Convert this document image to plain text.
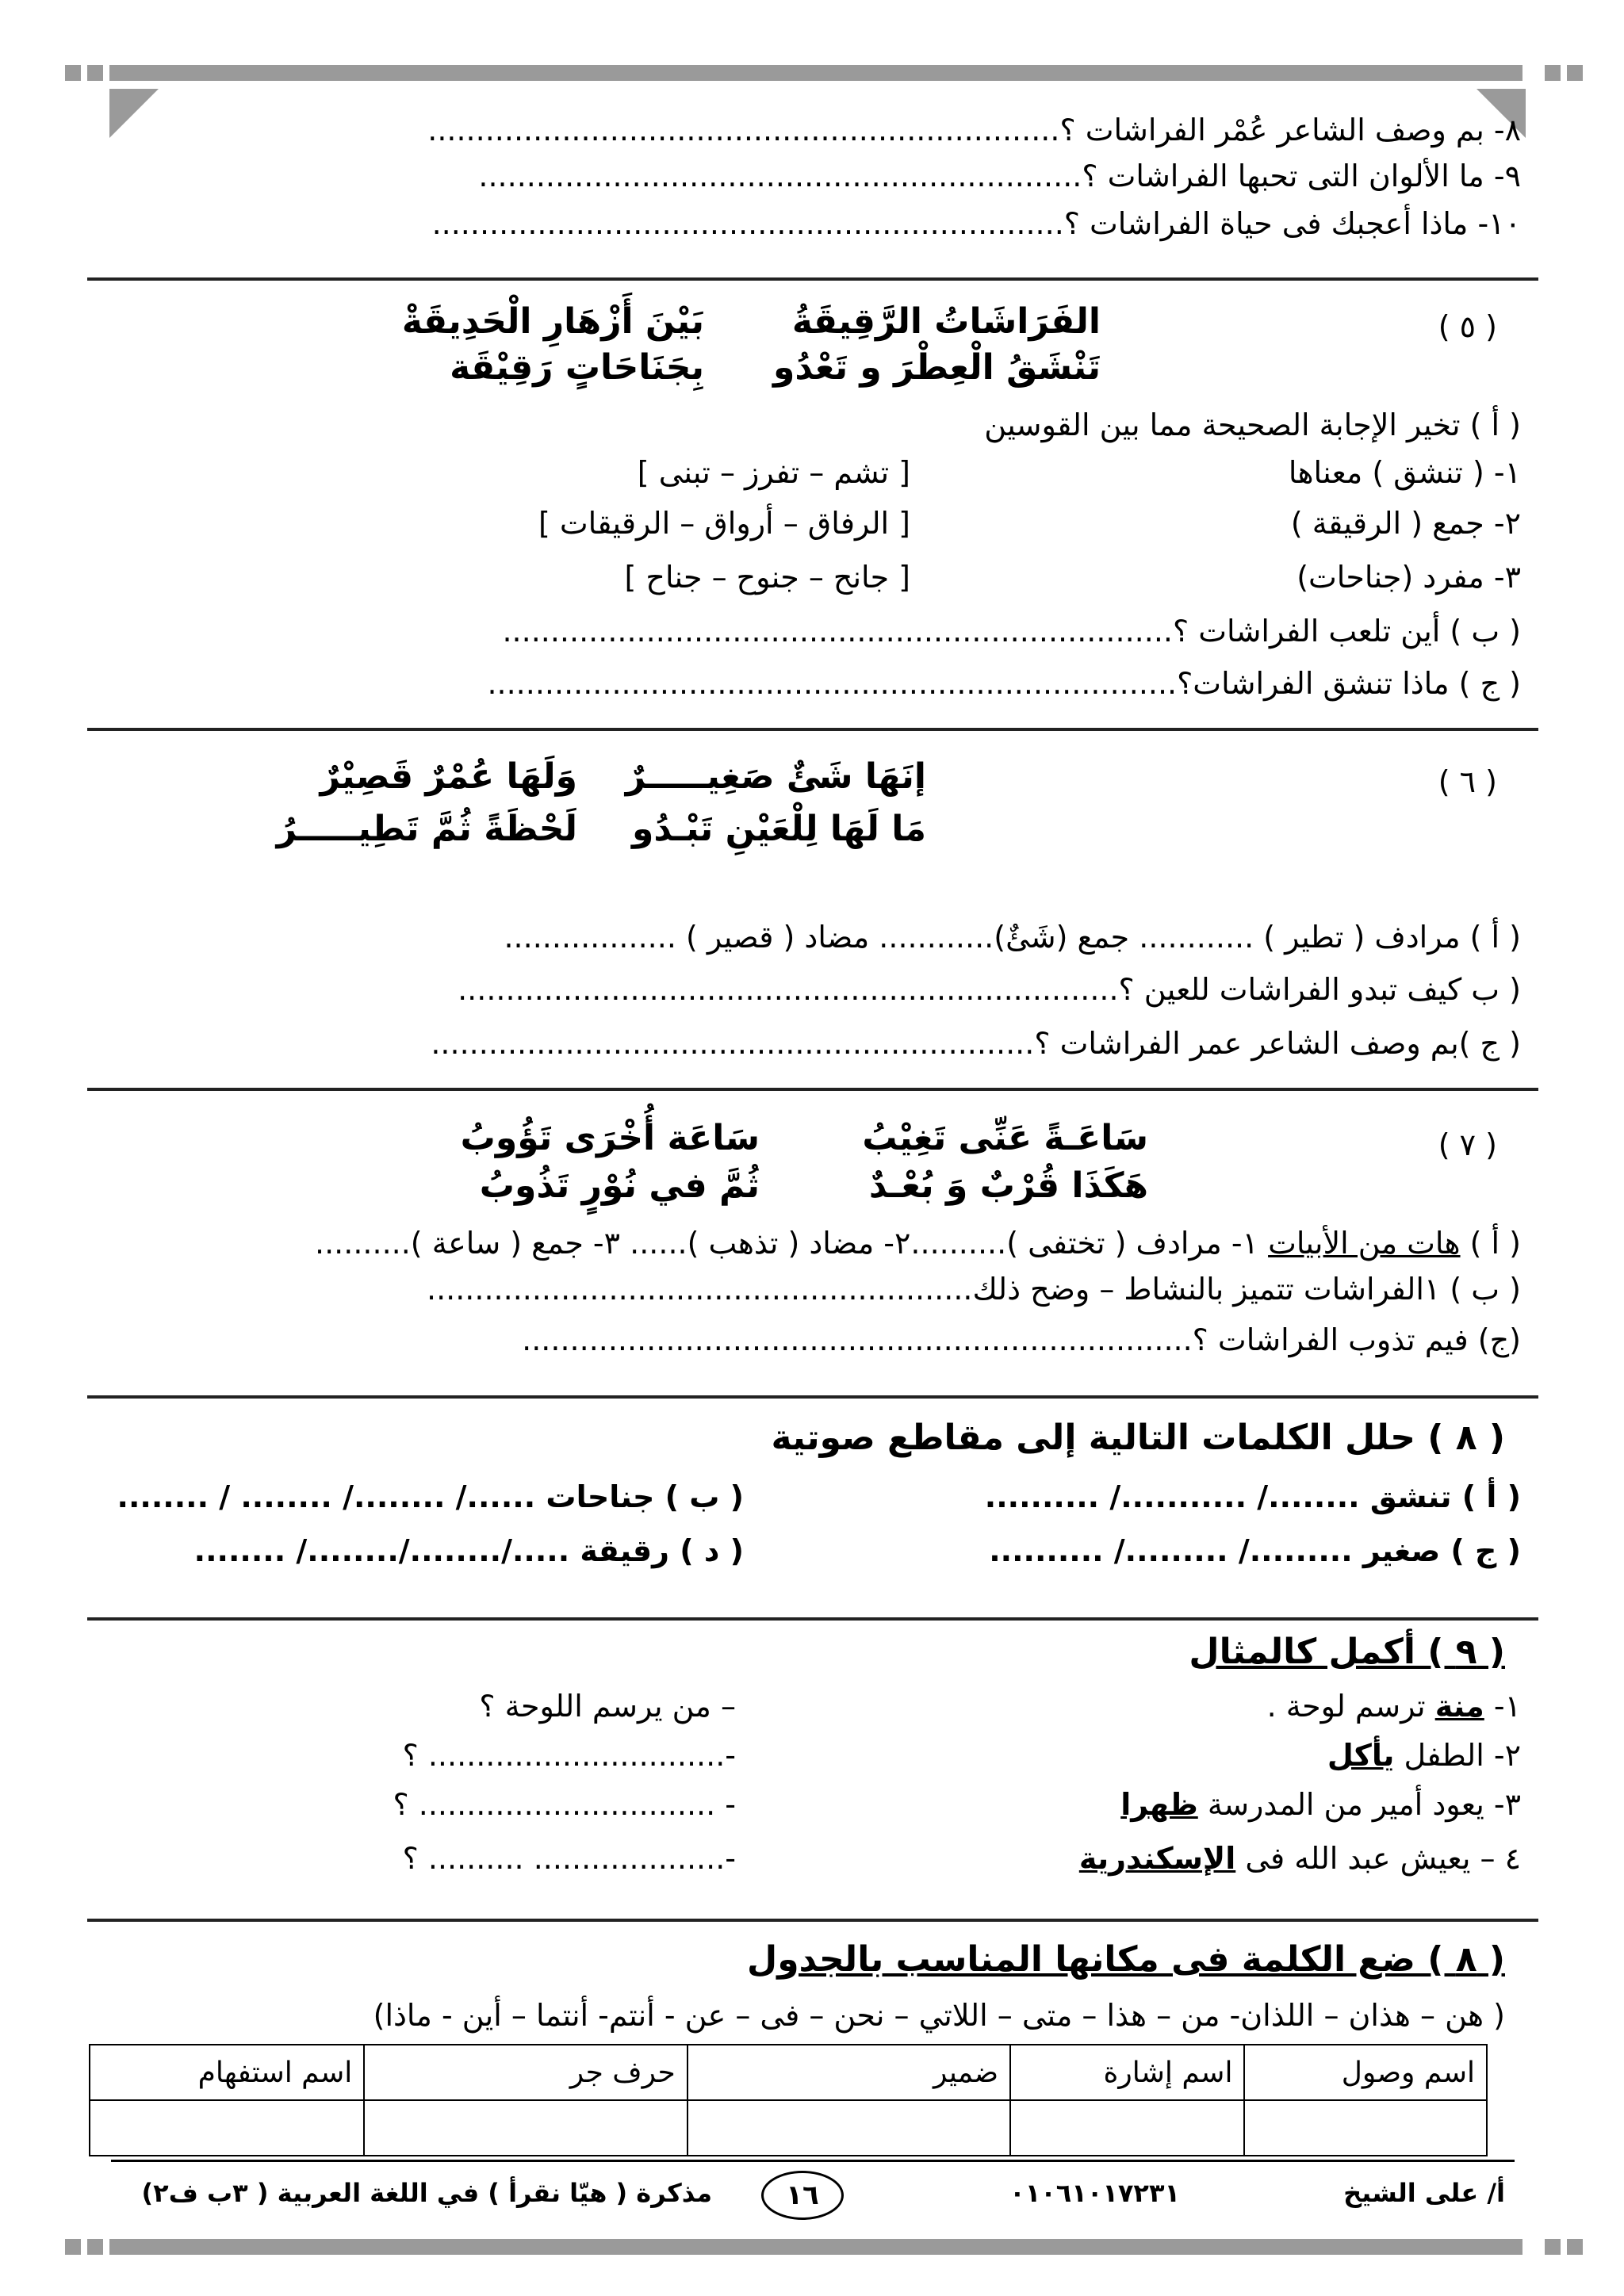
٨- بم وصف الشاعر عُمْر الفراشات ؟..................................................................
٩- ما الألوان التى تحبها الفراشات ؟...............................................................
١٠- ماذا أعجبك فى حياة الفراشات ؟..................................................................
( ٥ )
الفَرَاشَاتُ الرَّقِيقَةُ
بَيْنَ أَزْهَارِ الْحَدِيقَةْ
تَنْشَقُ الْعِطْرَ و تَعْدُو
بِجَنَاحَاتٍ رَقِيْقَة
( أ ) تخير الإجابة الصحيحة مما بين القوسين
١- ( تنشق ) معناها
[ تشم – تفرز – تبنى ]
٢- جمع ( الرقيقة )
[ الرفاق – أرواق – الرقيقات ]
٣- مفرد (جناحات)
[ جانح – جنوح – جناح ]
( ب ) أين تلعب الفراشات ؟......................................................................
( ج ) ماذا تنشق الفراشات؟........................................................................
( ٦ )
إنَهَا شَئٌ صَغِيـــــرٌ
وَلَهَا عُمْرٌ قَصِيْرٌ
مَا لَهَا لِلْعَيْنِ تَبْـدُو
لَحْظَةً ثُمَّ تَطِيـــــرُ
( أ ) مرادف ( تطير ) ............ جمع (شَئٌ)............ مضاد ( قصير ) ..................
( ب كيف تبدو الفراشات للعين ؟.....................................................................
( ج )بم وصف الشاعر عمر الفراشات ؟...............................................................
( ٧ )
سَاعَـةً عَنِّى تَغِيْبُ
سَاعَة أُخْرَى تَؤُوبُ
هَكَذَا قُرْبٌ وَ بُعْـدٌ
ثُمَّ في نُوْرٍ تَذُوبُ
( أ ) هات من الأبيات ١- مرادف ( تختفى )..........٢- مضاد ( تذهب )...... ٣- جمع ( ساعة )..........
( ب ) ١الفراشات تتميز بالنشاط – وضح ذلك.........................................................
(ج) فيم تذوب الفراشات ؟......................................................................
( ٨ ) حلل الكلمات التالية إلى مقاطع صوتية
( أ ) تنشق ......../ .........../ ..........
( ب ) جناحات ....../ ......../ ........ / ........
( ج ) صغير ........./ ........./ ..........
( د ) رقيقة ...../......../......../ ........
( ٩ ) أكمل كالمثال
١- منة ترسم لوحة .
– من يرسم اللوحة ؟
٢- الطفل يأكل
-............................... ؟
٣- يعود أمير من المدرسة ظهرا
- ............................... ؟
٤ – يعيش عبد الله فى الإسكندرية
-.................... .......... ؟
( ٨ ) ضع الكلمة فى مكانها المناسب بالجدول
( هن – هذان – اللذان- من – هذا – متى – اللاتي – نحن – فى – عن - أنتم- أنتما – أين - ماذا)
اسم وصول	اسم إشارة	ضمير	حرف جر	اسم استفهام

أ/ على الشيخ
٠١٠٦١٠١٧٢٣١
١٦
مذكرة ( هيّا نقرأ ) في اللغة العربية ( ٣ب ف٢)
